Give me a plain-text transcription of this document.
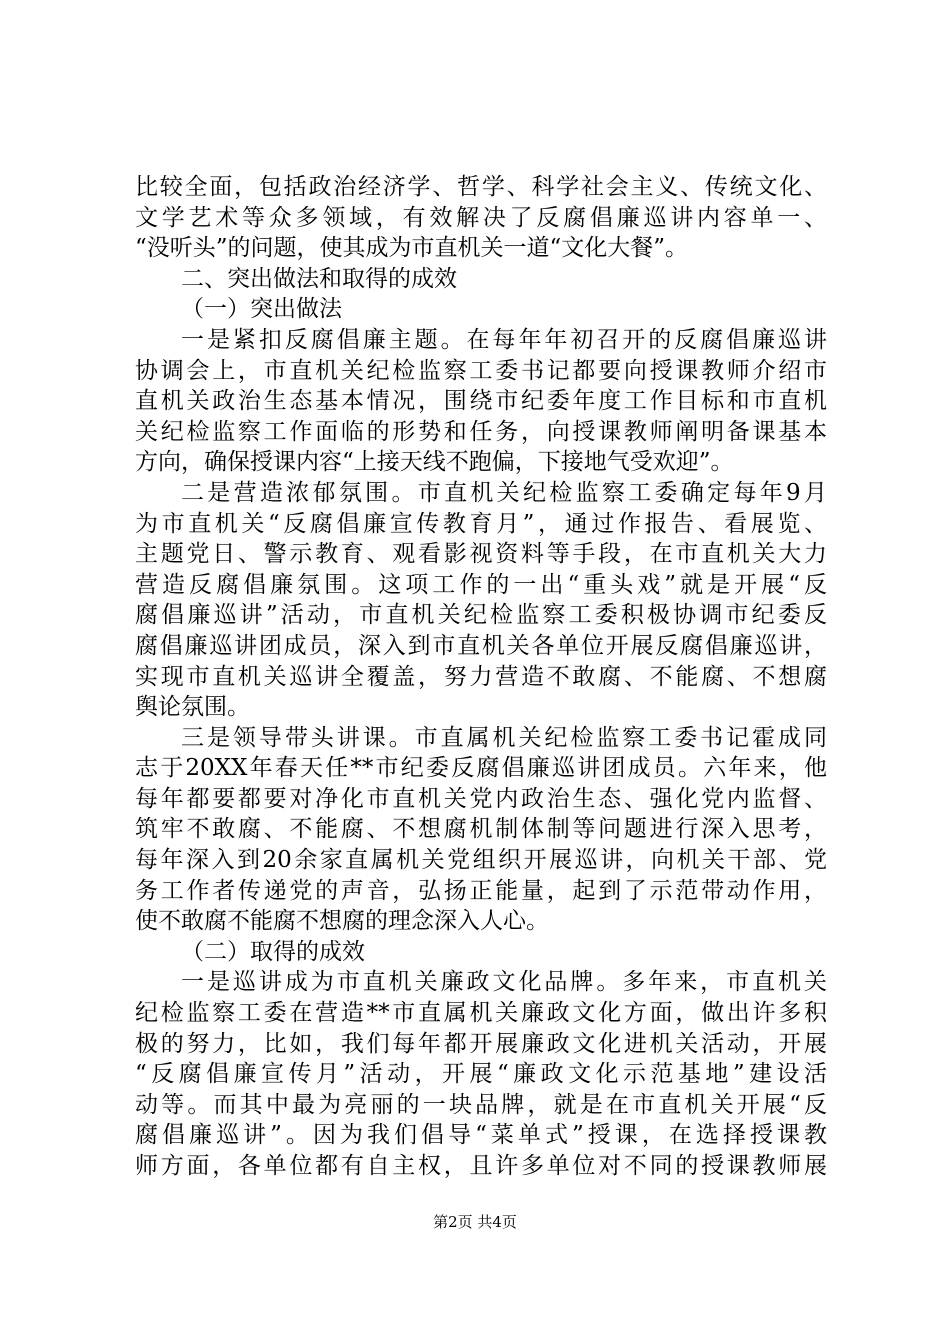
比较全面，包括政治经济学、哲学、科学社会主义、传统文化、
文学艺术等众多领域，有效解决了反腐倡廉巡讲内容单一、
“没听头”的问题，使其成为市直机关一道“文化大餐”。
二、突出做法和取得的成效
（一）突出做法
一是紧扣反腐倡廉主题。在每年年初召开的反腐倡廉巡讲
协调会上，市直机关纪检监察工委书记都要向授课教师介绍市
直机关政治生态基本情况，围绕市纪委年度工作目标和市直机
关纪检监察工作面临的形势和任务，向授课教师阐明备课基本
方向，确保授课内容“上接天线不跑偏，下接地气受欢迎”。
二是营造浓郁氛围。市直机关纪检监察工委确定每年9月
为市直机关“反腐倡廉宣传教育月”，通过作报告、看展览、
主题党日、警示教育、观看影视资料等手段，在市直机关大力
营造反腐倡廉氛围。这项工作的一出“重头戏”就是开展“反
腐倡廉巡讲”活动，市直机关纪检监察工委积极协调市纪委反
腐倡廉巡讲团成员，深入到市直机关各单位开展反腐倡廉巡讲，
实现市直机关巡讲全覆盖，努力营造不敢腐、不能腐、不想腐
舆论氛围。
三是领导带头讲课。市直属机关纪检监察工委书记霍成同
志于20XX年春天任**市纪委反腐倡廉巡讲团成员。六年来，他
每年都要都要对净化市直机关党内政治生态、强化党内监督、
筑牢不敢腐、不能腐、不想腐机制体制等问题进行深入思考，
每年深入到20余家直属机关党组织开展巡讲，向机关干部、党
务工作者传递党的声音，弘扬正能量，起到了示范带动作用，
使不敢腐不能腐不想腐的理念深入人心。
（二）取得的成效
一是巡讲成为市直机关廉政文化品牌。多年来，市直机关
纪检监察工委在营造**市直属机关廉政文化方面，做出许多积
极的努力，比如，我们每年都开展廉政文化进机关活动，开展
“反腐倡廉宣传月”活动，开展“廉政文化示范基地”建设活
动等。而其中最为亮丽的一块品牌，就是在市直机关开展“反
腐倡廉巡讲”。因为我们倡导“菜单式”授课，在选择授课教
师方面，各单位都有自主权，且许多单位对不同的授课教师展
第2页 共4页
